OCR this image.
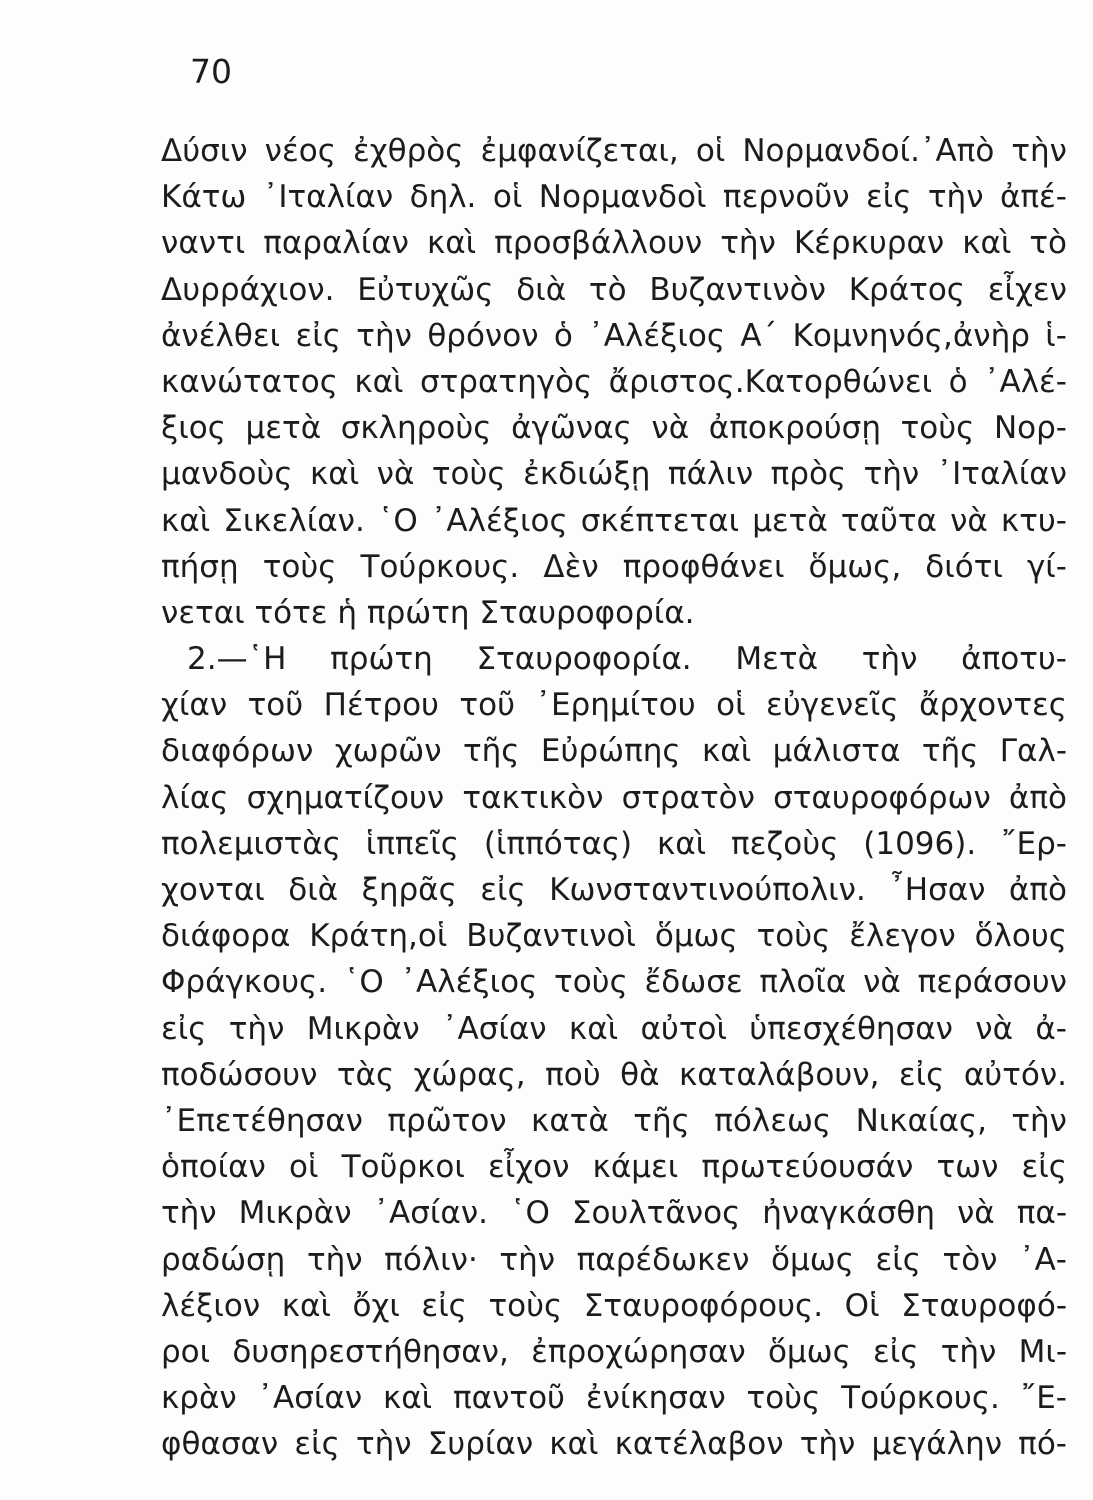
70
Δύσιν νέος ἐχθρὸς ἐμφανίζεται, οἱ Νορμανδοί.᾿Απὸ τὴν
Κάτω ᾿Ιταλίαν δηλ. οἱ Νορμανδοὶ περνοῦν εἰς τὴν ἀπέ-
ναντι παραλίαν καὶ προσβάλλουν τὴν Κέρκυραν καὶ τὸ
Δυρράχιον. Εὐτυχῶς διὰ τὸ Βυζαντινὸν Κράτος εἶχεν
ἀνέλθει εἰς τὴν θρόνον ὁ ᾿Αλέξιος Α΄ Κομνηνός,ἀνὴρ ἱ-
κανώτατος καὶ στρατηγὸς ἄριστος.Κατορθώνει ὁ ᾿Αλέ-
ξιος μετὰ σκληροὺς ἀγῶνας νὰ ἀποκρούσῃ τοὺς Νορ-
μανδοὺς καὶ νὰ τοὺς ἐκδιώξῃ πάλιν πρὸς τὴν ᾿Ιταλίαν
καὶ Σικελίαν. ῾Ο ᾿Αλέξιος σκέπτεται μετὰ ταῦτα νὰ κτυ-
πήσῃ τοὺς Τούρκους. Δὲν προφθάνει ὅμως, διότι γί-
νεται τότε ἡ πρώτη Σταυροφορία.
2.—῾Η πρώτη Σταυροφορία. Μετὰ τὴν ἀποτυ-
χίαν τοῦ Πέτρου τοῦ ᾿Ερημίτου οἱ εὐγενεῖς ἄρχοντες
διαφόρων χωρῶν τῆς Εὐρώπης καὶ μάλιστα τῆς Γαλ-
λίας σχηματίζουν τακτικὸν στρατὸν σταυροφόρων ἀπὸ
πολεμιστὰς ἱππεῖς (ἱππότας) καὶ πεζοὺς (1096). ῎Ερ-
χονται διὰ ξηρᾶς εἰς Κωνσταντινούπολιν. ῏Ησαν ἀπὸ
διάφορα Κράτη,οἱ Βυζαντινοὶ ὅμως τοὺς ἔλεγον ὅλους
Φράγκους. ῾Ο ᾿Αλέξιος τοὺς ἔδωσε πλοῖα νὰ περάσουν
εἰς τὴν Μικρὰν ᾿Ασίαν καὶ αὐτοὶ ὑπεσχέθησαν νὰ ἀ-
ποδώσουν τὰς χώρας, ποὺ θὰ καταλάβουν, εἰς αὐτόν.
᾿Επετέθησαν πρῶτον κατὰ τῆς πόλεως Νικαίας, τὴν
ὁποίαν οἱ Τοῦρκοι εἶχον κάμει πρωτεύουσάν των εἰς
τὴν Μικρὰν ᾿Ασίαν. ῾Ο Σουλτᾶνος ἠναγκάσθη νὰ πα-
ραδώσῃ τὴν πόλιν· τὴν παρέδωκεν ὅμως εἰς τὸν ᾿Α-
λέξιον καὶ ὄχι εἰς τοὺς Σταυροφόρους. Οἱ Σταυροφό-
ροι δυσηρεστήθησαν, ἐπροχώρησαν ὅμως εἰς τὴν Μι-
κρὰν ᾿Ασίαν καὶ παντοῦ ἐνίκησαν τοὺς Τούρκους. ῎Ε-
φθασαν εἰς τὴν Συρίαν καὶ κατέλαβον τὴν μεγάλην πό-
